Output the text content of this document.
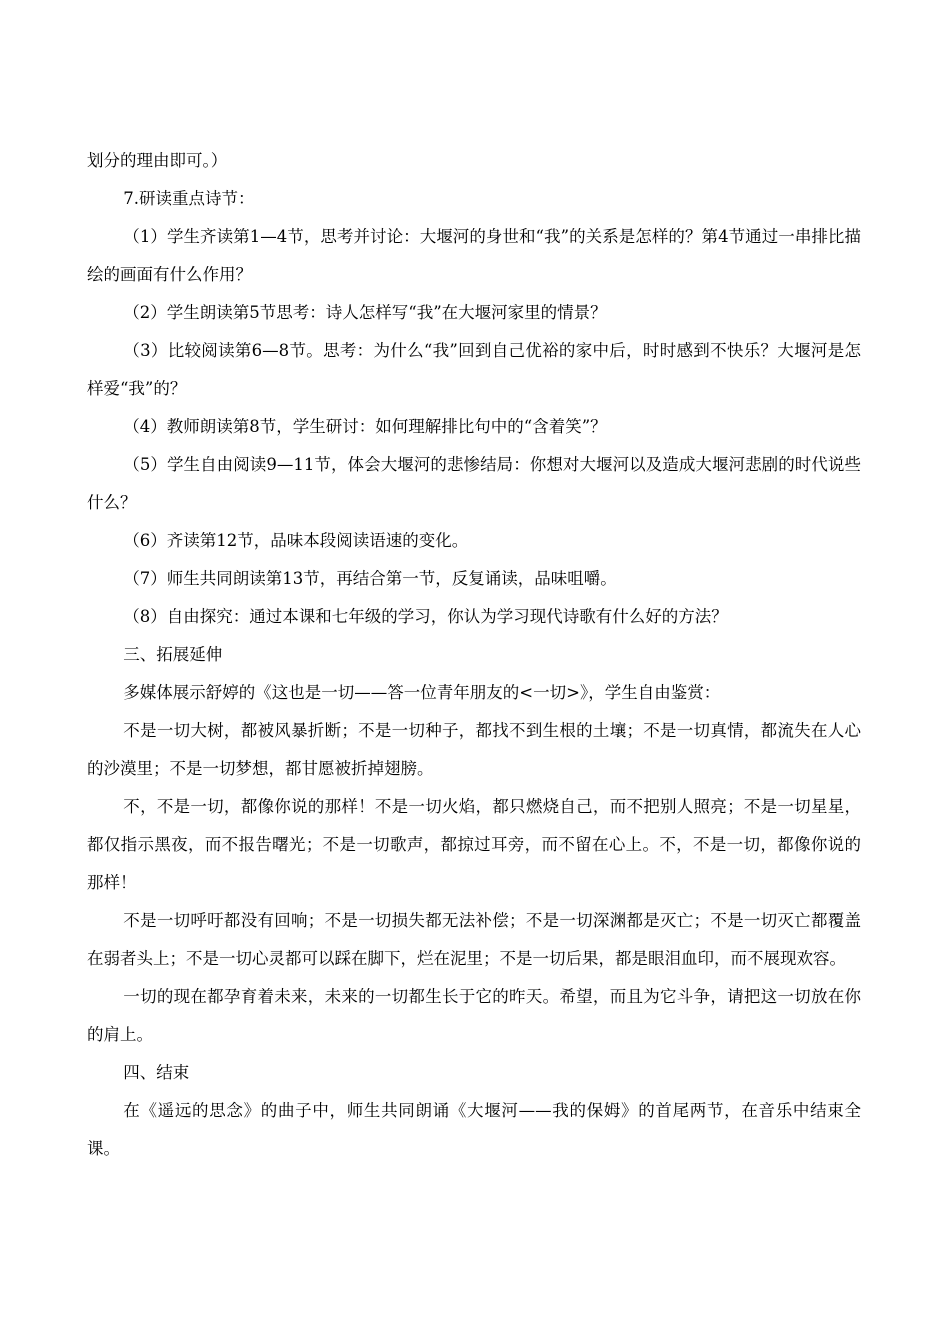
划分的理由即可。）

7.研读重点诗节：

（1）学生齐读第1—4节，思考并讨论：大堰河的身世和“我”的关系是怎样的？第4节通过一串排比描绘的画面有什么作用？

（2）学生朗读第5节思考：诗人怎样写“我”在大堰河家里的情景？

（3）比较阅读第6—8节。思考：为什么“我”回到自己优裕的家中后，时时感到不快乐？大堰河是怎样爱“我”的？

（4）教师朗读第8节，学生研讨：如何理解排比句中的“含着笑”？

（5）学生自由阅读9—11节，体会大堰河的悲惨结局：你想对大堰河以及造成大堰河悲剧的时代说些什么？

（6）齐读第12节，品味本段阅读语速的变化。

（7）师生共同朗读第13节，再结合第一节，反复诵读，品味咀嚼。

（8）自由探究：通过本课和七年级的学习，你认为学习现代诗歌有什么好的方法？

三、拓展延伸

多媒体展示舒婷的《这也是一切——答一位青年朋友的<一切>》，学生自由鉴赏：

不是一切大树，都被风暴折断；不是一切种子，都找不到生根的土壤；不是一切真情，都流失在人心的沙漠里；不是一切梦想，都甘愿被折掉翅膀。

不，不是一切，都像你说的那样！不是一切火焰，都只燃烧自己，而不把别人照亮；不是一切星星，都仅指示黑夜，而不报告曙光；不是一切歌声，都掠过耳旁，而不留在心上。不，不是一切，都像你说的那样！

不是一切呼吁都没有回响；不是一切损失都无法补偿；不是一切深渊都是灭亡；不是一切灭亡都覆盖在弱者头上；不是一切心灵都可以踩在脚下，烂在泥里；不是一切后果，都是眼泪血印，而不展现欢容。

一切的现在都孕育着未来，未来的一切都生长于它的昨天。希望，而且为它斗争，请把这一切放在你的肩上。

四、结束

在《遥远的思念》的曲子中，师生共同朗诵《大堰河——我的保姆》的首尾两节，在音乐中结束全课。
